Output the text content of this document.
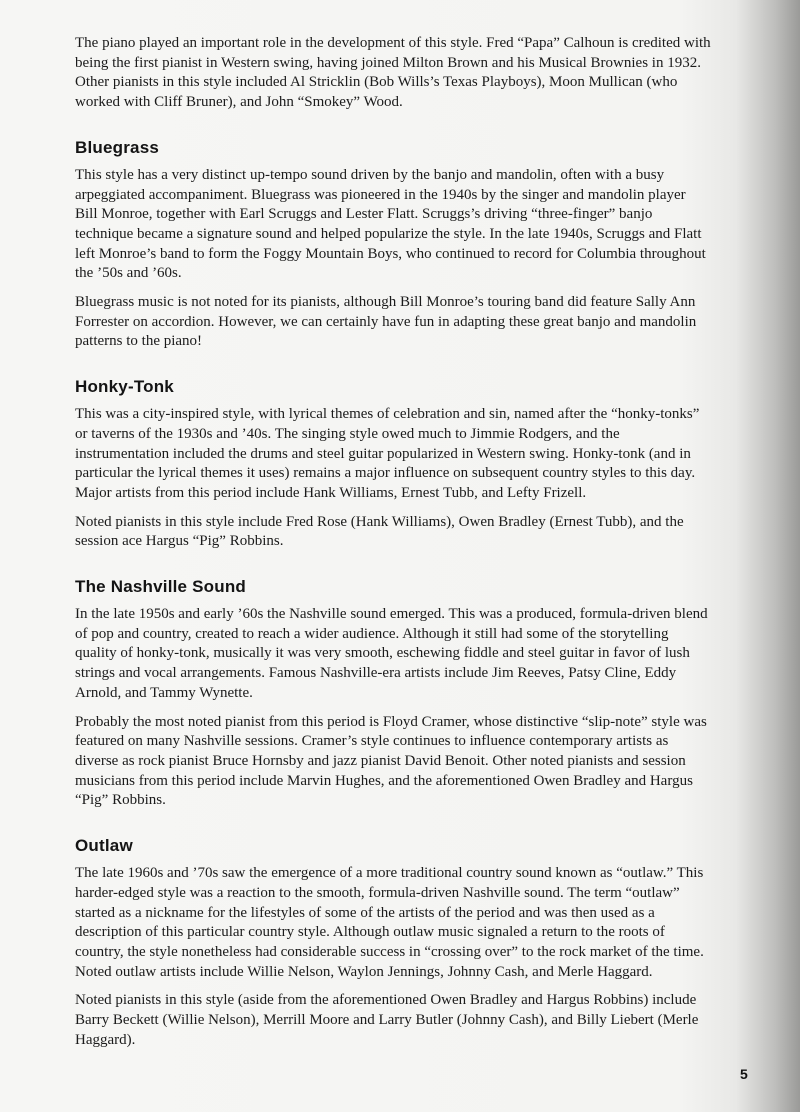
The piano played an important role in the development of this style. Fred “Papa” Calhoun is credited with being the first pianist in Western swing, having joined Milton Brown and his Musical Brownies in 1932. Other pianists in this style included Al Stricklin (Bob Wills’s Texas Playboys), Moon Mullican (who worked with Cliff Bruner), and John “Smokey” Wood.

Bluegrass

This style has a very distinct up-tempo sound driven by the banjo and mandolin, often with a busy arpeggiated accompaniment. Bluegrass was pioneered in the 1940s by the singer and mandolin player Bill Monroe, together with Earl Scruggs and Lester Flatt. Scruggs’s driving “three-finger” banjo technique became a signature sound and helped popularize the style. In the late 1940s, Scruggs and Flatt left Monroe’s band to form the Foggy Mountain Boys, who continued to record for Columbia throughout the ’50s and ’60s.

Bluegrass music is not noted for its pianists, although Bill Monroe’s touring band did feature Sally Ann Forrester on accordion. However, we can certainly have fun in adapting these great banjo and mandolin patterns to the piano!

Honky-Tonk

This was a city-inspired style, with lyrical themes of celebration and sin, named after the “honky-tonks” or taverns of the 1930s and ’40s. The singing style owed much to Jimmie Rodgers, and the instrumentation included the drums and steel guitar popularized in Western swing. Honky-tonk (and in particular the lyrical themes it uses) remains a major influence on subsequent country styles to this day. Major artists from this period include Hank Williams, Ernest Tubb, and Lefty Frizell.

Noted pianists in this style include Fred Rose (Hank Williams), Owen Bradley (Ernest Tubb), and the session ace Hargus “Pig” Robbins.

The Nashville Sound

In the late 1950s and early ’60s the Nashville sound emerged. This was a produced, formula-driven blend of pop and country, created to reach a wider audience. Although it still had some of the storytelling quality of honky-tonk, musically it was very smooth, eschewing fiddle and steel guitar in favor of lush strings and vocal arrangements. Famous Nashville-era artists include Jim Reeves, Patsy Cline, Eddy Arnold, and Tammy Wynette.

Probably the most noted pianist from this period is Floyd Cramer, whose distinctive “slip-note” style was featured on many Nashville sessions. Cramer’s style continues to influence contemporary artists as diverse as rock pianist Bruce Hornsby and jazz pianist David Benoit. Other noted pianists and session musicians from this period include Marvin Hughes, and the aforementioned Owen Bradley and Hargus “Pig” Robbins.

Outlaw

The late 1960s and ’70s saw the emergence of a more traditional country sound known as “outlaw.” This harder-edged style was a reaction to the smooth, formula-driven Nashville sound. The term “outlaw” started as a nickname for the lifestyles of some of the artists of the period and was then used as a description of this particular country style. Although outlaw music signaled a return to the roots of country, the style nonetheless had considerable success in “crossing over” to the rock market of the time. Noted outlaw artists include Willie Nelson, Waylon Jennings, Johnny Cash, and Merle Haggard.

Noted pianists in this style (aside from the aforementioned Owen Bradley and Hargus Robbins) include Barry Beckett (Willie Nelson), Merrill Moore and Larry Butler (Johnny Cash), and Billy Liebert (Merle Haggard).

5
